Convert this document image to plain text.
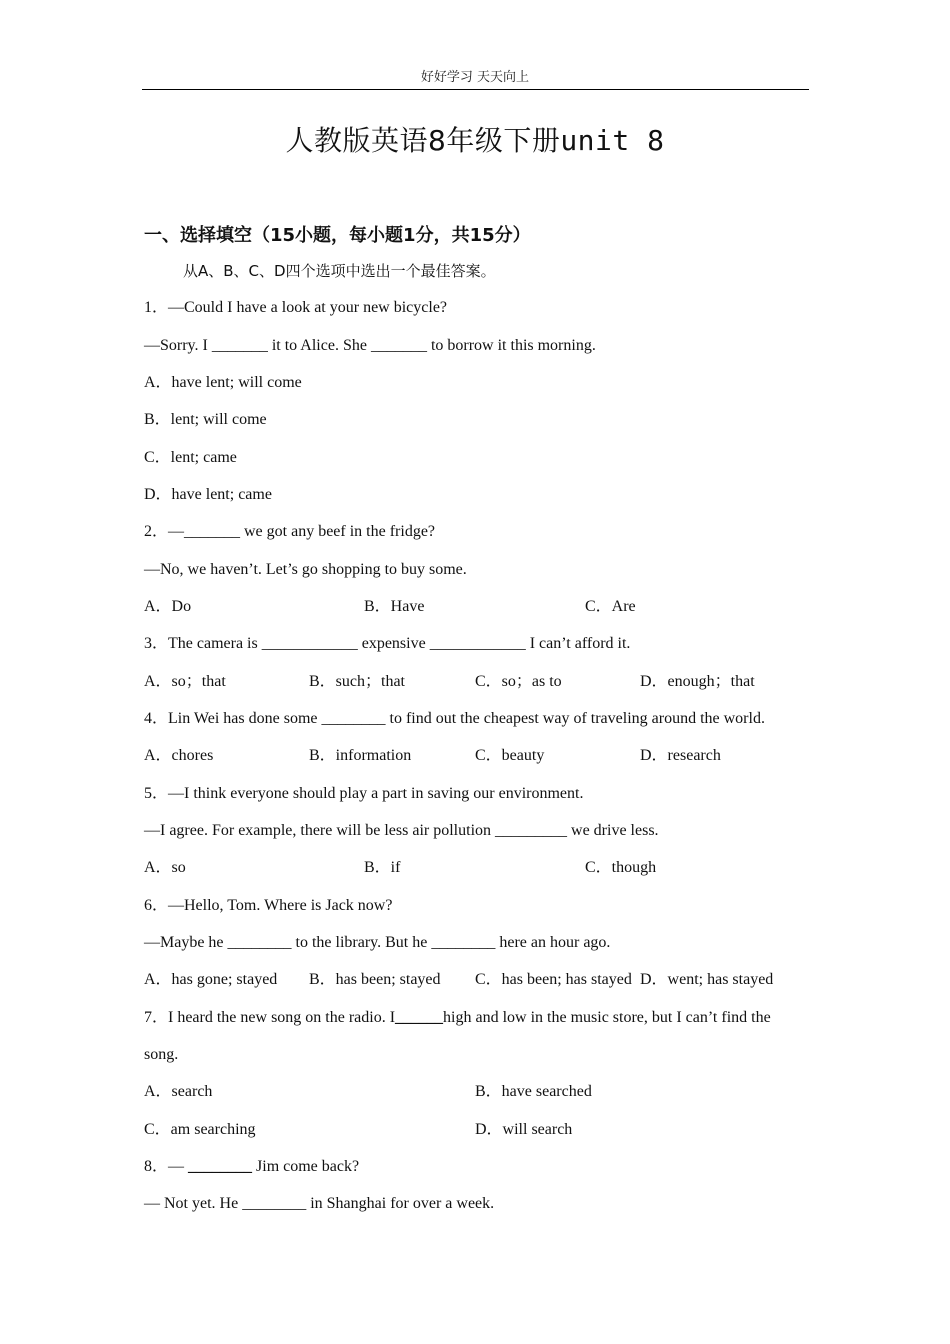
好好学习 天天向上
人教版英语8年级下册unit 8
一、选择填空（15小题，每小题1分，共15分）
从A、B、C、D四个选项中选出一个最佳答案。
1．—Could I have a look at your new bicycle?
—Sorry. I _______ it to Alice. She _______ to borrow it this morning.
A．have lent; will come
B．lent; will come
C．lent; came
D．have lent; came
2．—_______ we got any beef in the fridge?
—No, we haven’t. Let’s go shopping to buy some.
A．Do	B．Have	C．Are
3．The camera is ____________ expensive ____________ I can’t afford it.
A．so；that	B．such；that	C．so；as to	D．enough；that
4．Lin Wei has done some ________ to find out the cheapest way of traveling around the world.
A．chores	B．information	C．beauty	D．research
5．—I think everyone should play a part in saving our environment.
—I agree. For example, there will be less air pollution _________ we drive less.
A．so	B．if	C．though
6．—Hello, Tom. Where is Jack now?
—Maybe he ________ to the library. But he ________ here an hour ago.
A．has gone; stayed B．has been; stayed C．has been; has stayed D．went; has stayed
7．I heard the new song on the radio. I______high and low in the music store, but I can’t find the
song.
A．search	B．have searched
C．am searching	D．will search
8．— ________ Jim come back?
— Not yet. He ________ in Shanghai for over a week.
